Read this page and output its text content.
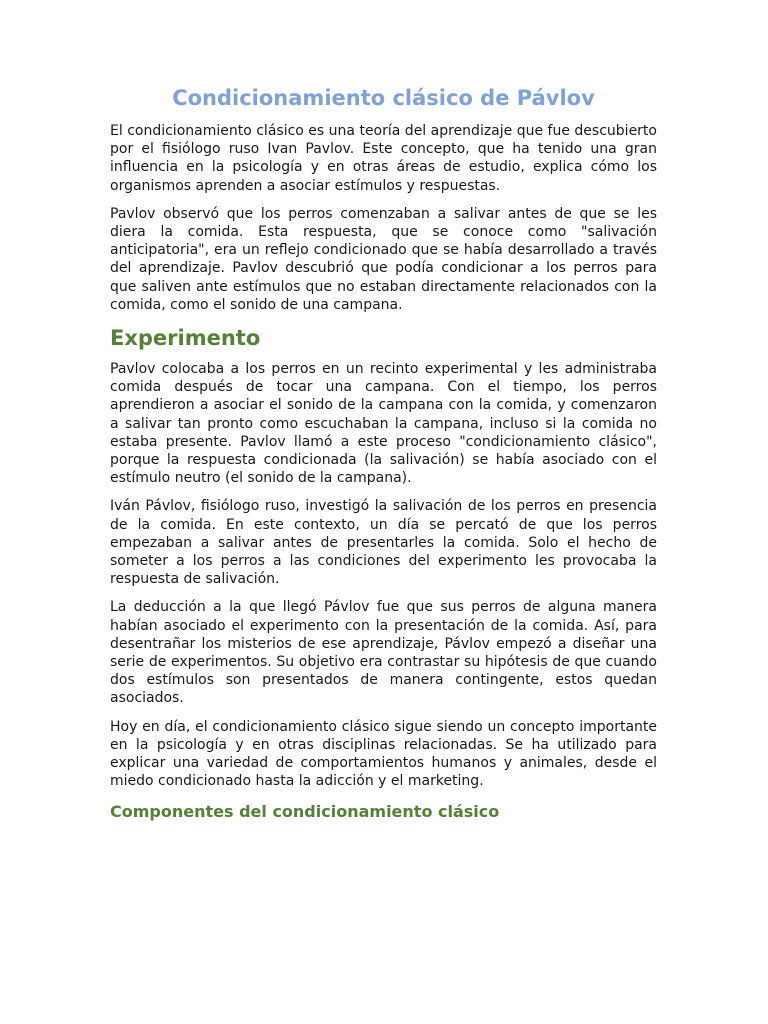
Condicionamiento clásico de Pávlov

El condicionamiento clásico es una teoría del aprendizaje que fue descubierto por el fisiólogo ruso Ivan Pavlov. Este concepto, que ha tenido una gran influencia en la psicología y en otras áreas de estudio, explica cómo los organismos aprenden a asociar estímulos y respuestas.

Pavlov observó que los perros comenzaban a salivar antes de que se les diera la comida. Esta respuesta, que se conoce como "salivación anticipatoria", era un reflejo condicionado que se había desarrollado a través del aprendizaje. Pavlov descubrió que podía condicionar a los perros para que saliven ante estímulos que no estaban directamente relacionados con la comida, como el sonido de una campana.

Experimento

Pavlov colocaba a los perros en un recinto experimental y les administraba comida después de tocar una campana. Con el tiempo, los perros aprendieron a asociar el sonido de la campana con la comida, y comenzaron a salivar tan pronto como escuchaban la campana, incluso si la comida no estaba presente. Pavlov llamó a este proceso "condicionamiento clásico", porque la respuesta condicionada (la salivación) se había asociado con el estímulo neutro (el sonido de la campana).

Iván Pávlov, fisiólogo ruso, investigó la salivación de los perros en presencia de la comida. En este contexto, un día se percató de que los perros empezaban a salivar antes de presentarles la comida. Solo el hecho de someter a los perros a las condiciones del experimento les provocaba la respuesta de salivación.

La deducción a la que llegó Pávlov fue que sus perros de alguna manera habían asociado el experimento con la presentación de la comida. Así, para desentrañar los misterios de ese aprendizaje, Pávlov empezó a diseñar una serie de experimentos. Su objetivo era contrastar su hipótesis de que cuando dos estímulos son presentados de manera contingente, estos quedan asociados.

Hoy en día, el condicionamiento clásico sigue siendo un concepto importante en la psicología y en otras disciplinas relacionadas. Se ha utilizado para explicar una variedad de comportamientos humanos y animales, desde el miedo condicionado hasta la adicción y el marketing.

Componentes del condicionamiento clásico
